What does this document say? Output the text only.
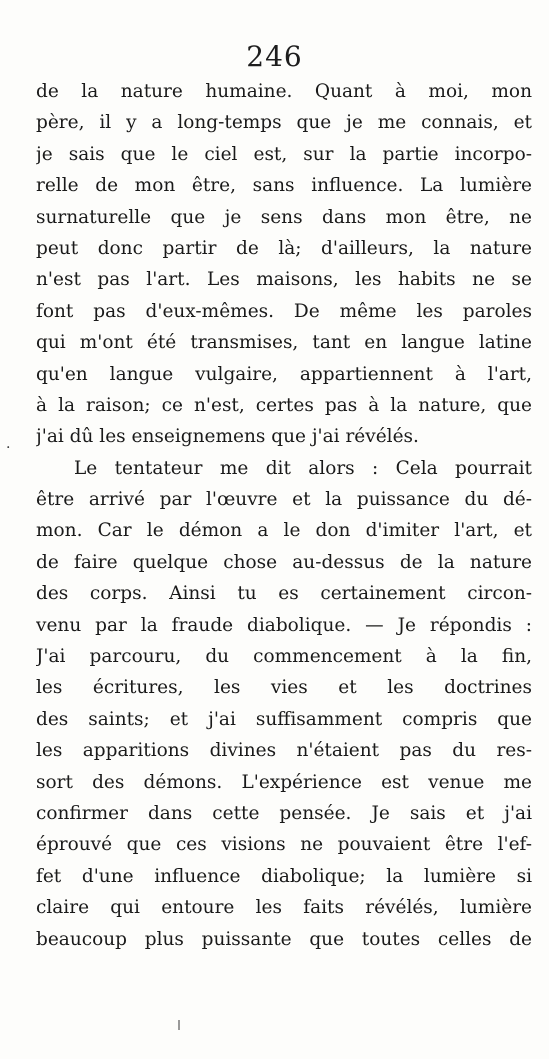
246
de la nature humaine. Quant à moi, mon
père, il y a long-temps que je me connais, et
je sais que le ciel est, sur la partie incorpo-
relle de mon être, sans influence. La lumière
surnaturelle que je sens dans mon être, ne
peut donc partir de là; d'ailleurs, la nature
n'est pas l'art. Les maisons, les habits ne se
font pas d'eux-mêmes. De même les paroles
qui m'ont été transmises, tant en langue latine
qu'en langue vulgaire, appartiennent à l'art,
à la raison; ce n'est, certes pas à la nature, que
j'ai dû les enseignemens que j'ai révélés.
Le tentateur me dit alors : Cela pourrait
être arrivé par l'œuvre et la puissance du dé-
mon. Car le démon a le don d'imiter l'art, et
de faire quelque chose au-dessus de la nature
des corps. Ainsi tu es certainement circon-
venu par la fraude diabolique. — Je répondis :
J'ai parcouru, du commencement à la fin,
les écritures, les vies et les doctrines
des saints; et j'ai suffisamment compris que
les apparitions divines n'étaient pas du res-
sort des démons. L'expérience est venue me
confirmer dans cette pensée. Je sais et j'ai
éprouvé que ces visions ne pouvaient être l'ef-
fet d'une influence diabolique; la lumière si
claire qui entoure les faits révélés, lumière
beaucoup plus puissante que toutes celles de
.
